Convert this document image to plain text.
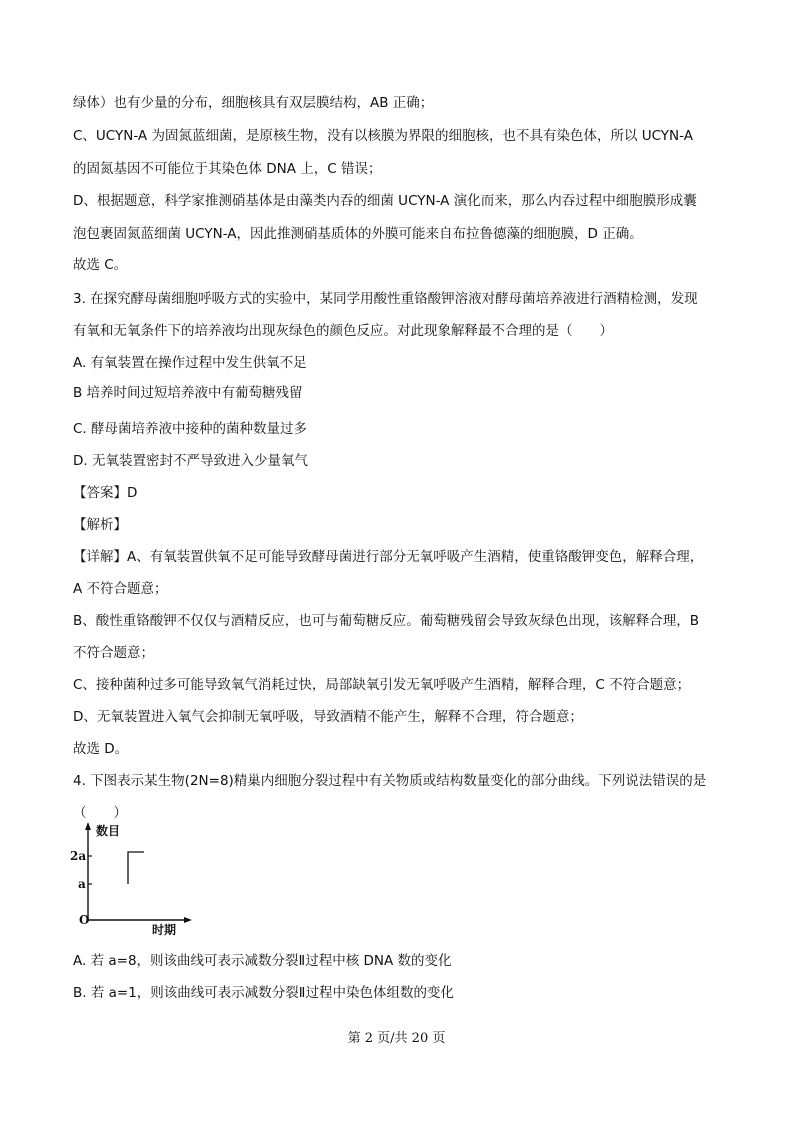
绿体）也有少量的分布，细胞核具有双层膜结构，AB 正确；
C、UCYN-A 为固氮蓝细菌，是原核生物，没有以核膜为界限的细胞核，也不具有染色体，所以 UCYN-A
的固氮基因不可能位于其染色体 DNA 上，C 错误；
D、根据题意，科学家推测硝基体是由藻类内吞的细菌 UCYN-A 演化而来，那么内吞过程中细胞膜形成囊
泡包裹固氮蓝细菌 UCYN-A，因此推测硝基质体的外膜可能来自布拉鲁德藻的细胞膜，D 正确。
故选 C。
3. 在探究酵母菌细胞呼吸方式的实验中，某同学用酸性重铬酸钾溶液对酵母菌培养液进行酒精检测，发现
有氧和无氧条件下的培养液均出现灰绿色的颜色反应。对此现象解释最不合理的是（　　）
A. 有氧装置在操作过程中发生供氧不足
B 培养时间过短培养液中有葡萄糖残留
C. 酵母菌培养液中接种的菌种数量过多
D. 无氧装置密封不严导致进入少量氧气
【答案】D
【解析】
【详解】A、有氧装置供氧不足可能导致酵母菌进行部分无氧呼吸产生酒精，使重铬酸钾变色，解释合理，
A 不符合题意；
B、酸性重铬酸钾不仅仅与酒精反应，也可与葡萄糖反应。葡萄糖残留会导致灰绿色出现，该解释合理，B
不符合题意；
C、接种菌种过多可能导致氧气消耗过快，局部缺氧引发无氧呼吸产生酒精，解释合理，C 不符合题意；
D、无氧装置进入氧气会抑制无氧呼吸，导致酒精不能产生，解释不合理，符合题意；
故选 D。
4. 下图表示某生物(2N=8)精巢内细胞分裂过程中有关物质或结构数量变化的部分曲线。下列说法错误的是
（　　）
数目
2a
a
O
时期
A. 若 a=8，则该曲线可表示减数分裂Ⅱ过程中核 DNA 数的变化
B. 若 a=1，则该曲线可表示减数分裂Ⅱ过程中染色体组数的变化
第 2 页/共 20 页
